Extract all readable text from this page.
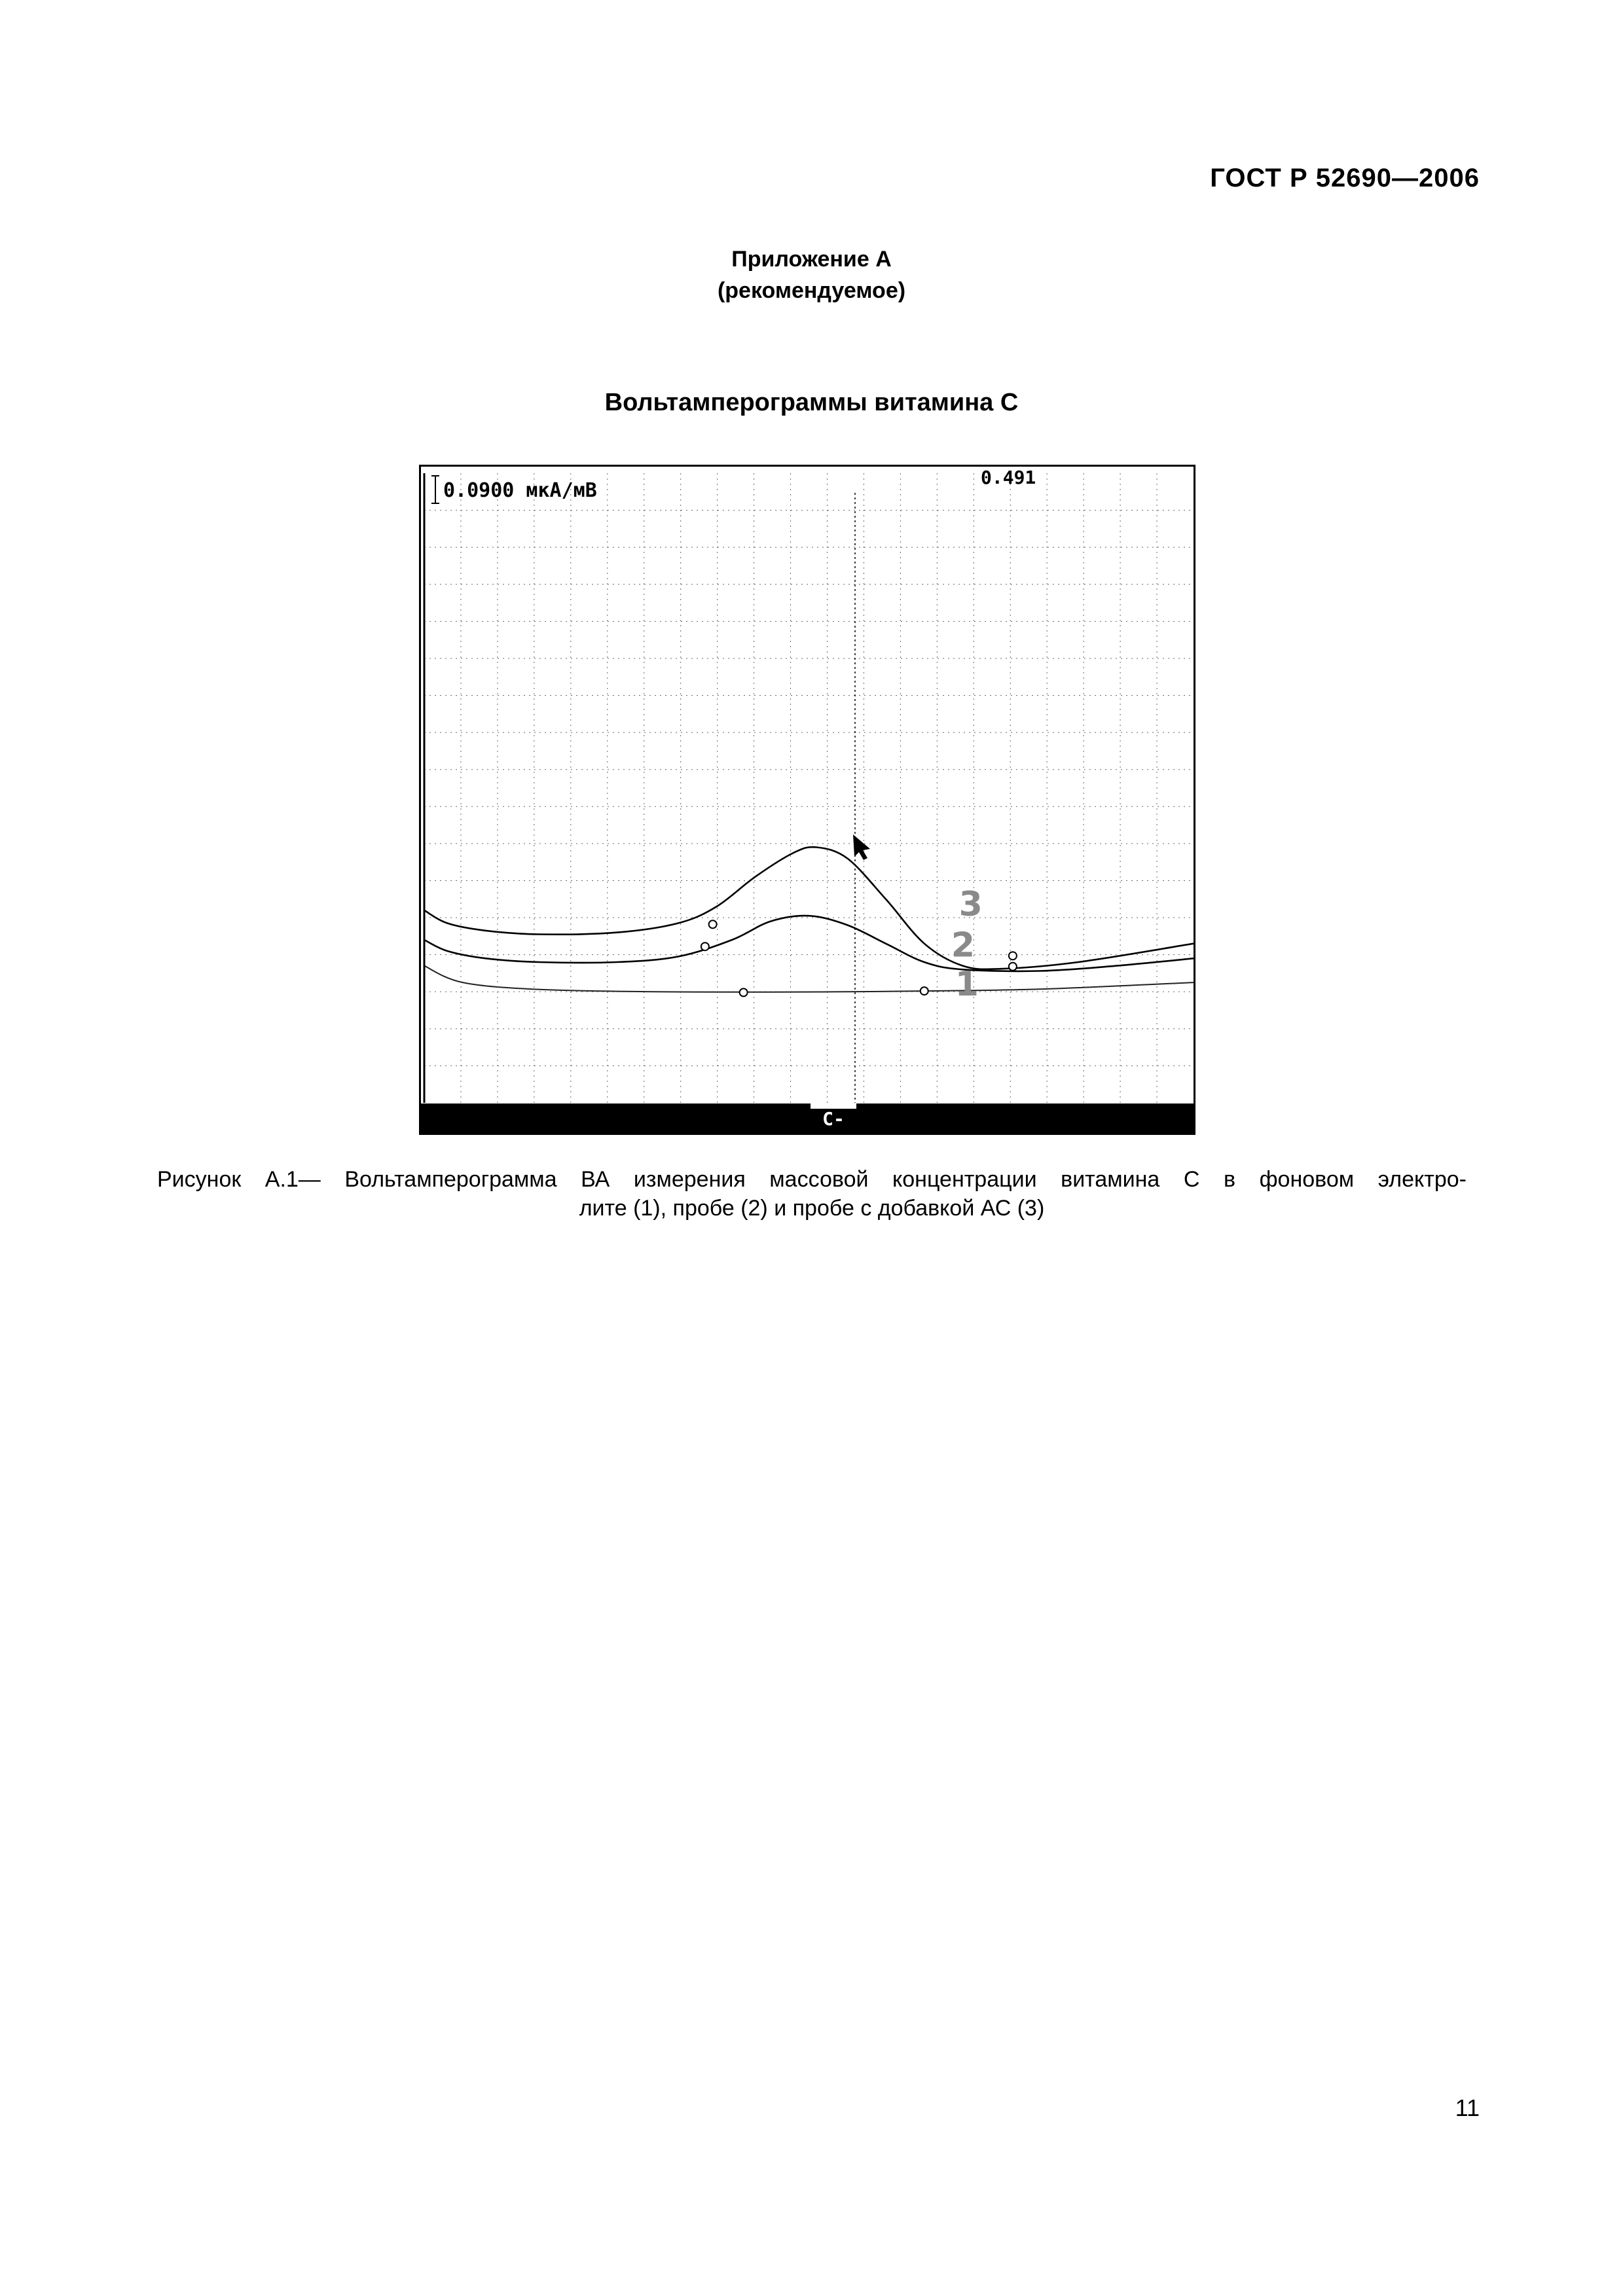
ГОСТ Р 52690—2006
Приложение А
(рекомендуемое)
Вольтамперограммы витамина С
1
2
3
0.0900 мкА/мВ
0.491
C-
Рисунок А.1— Вольтамперограмма ВА измерения массовой концентрации витамина С в фоновом электро-
лите (1), пробе (2) и пробе с добавкой АС (3)
11
